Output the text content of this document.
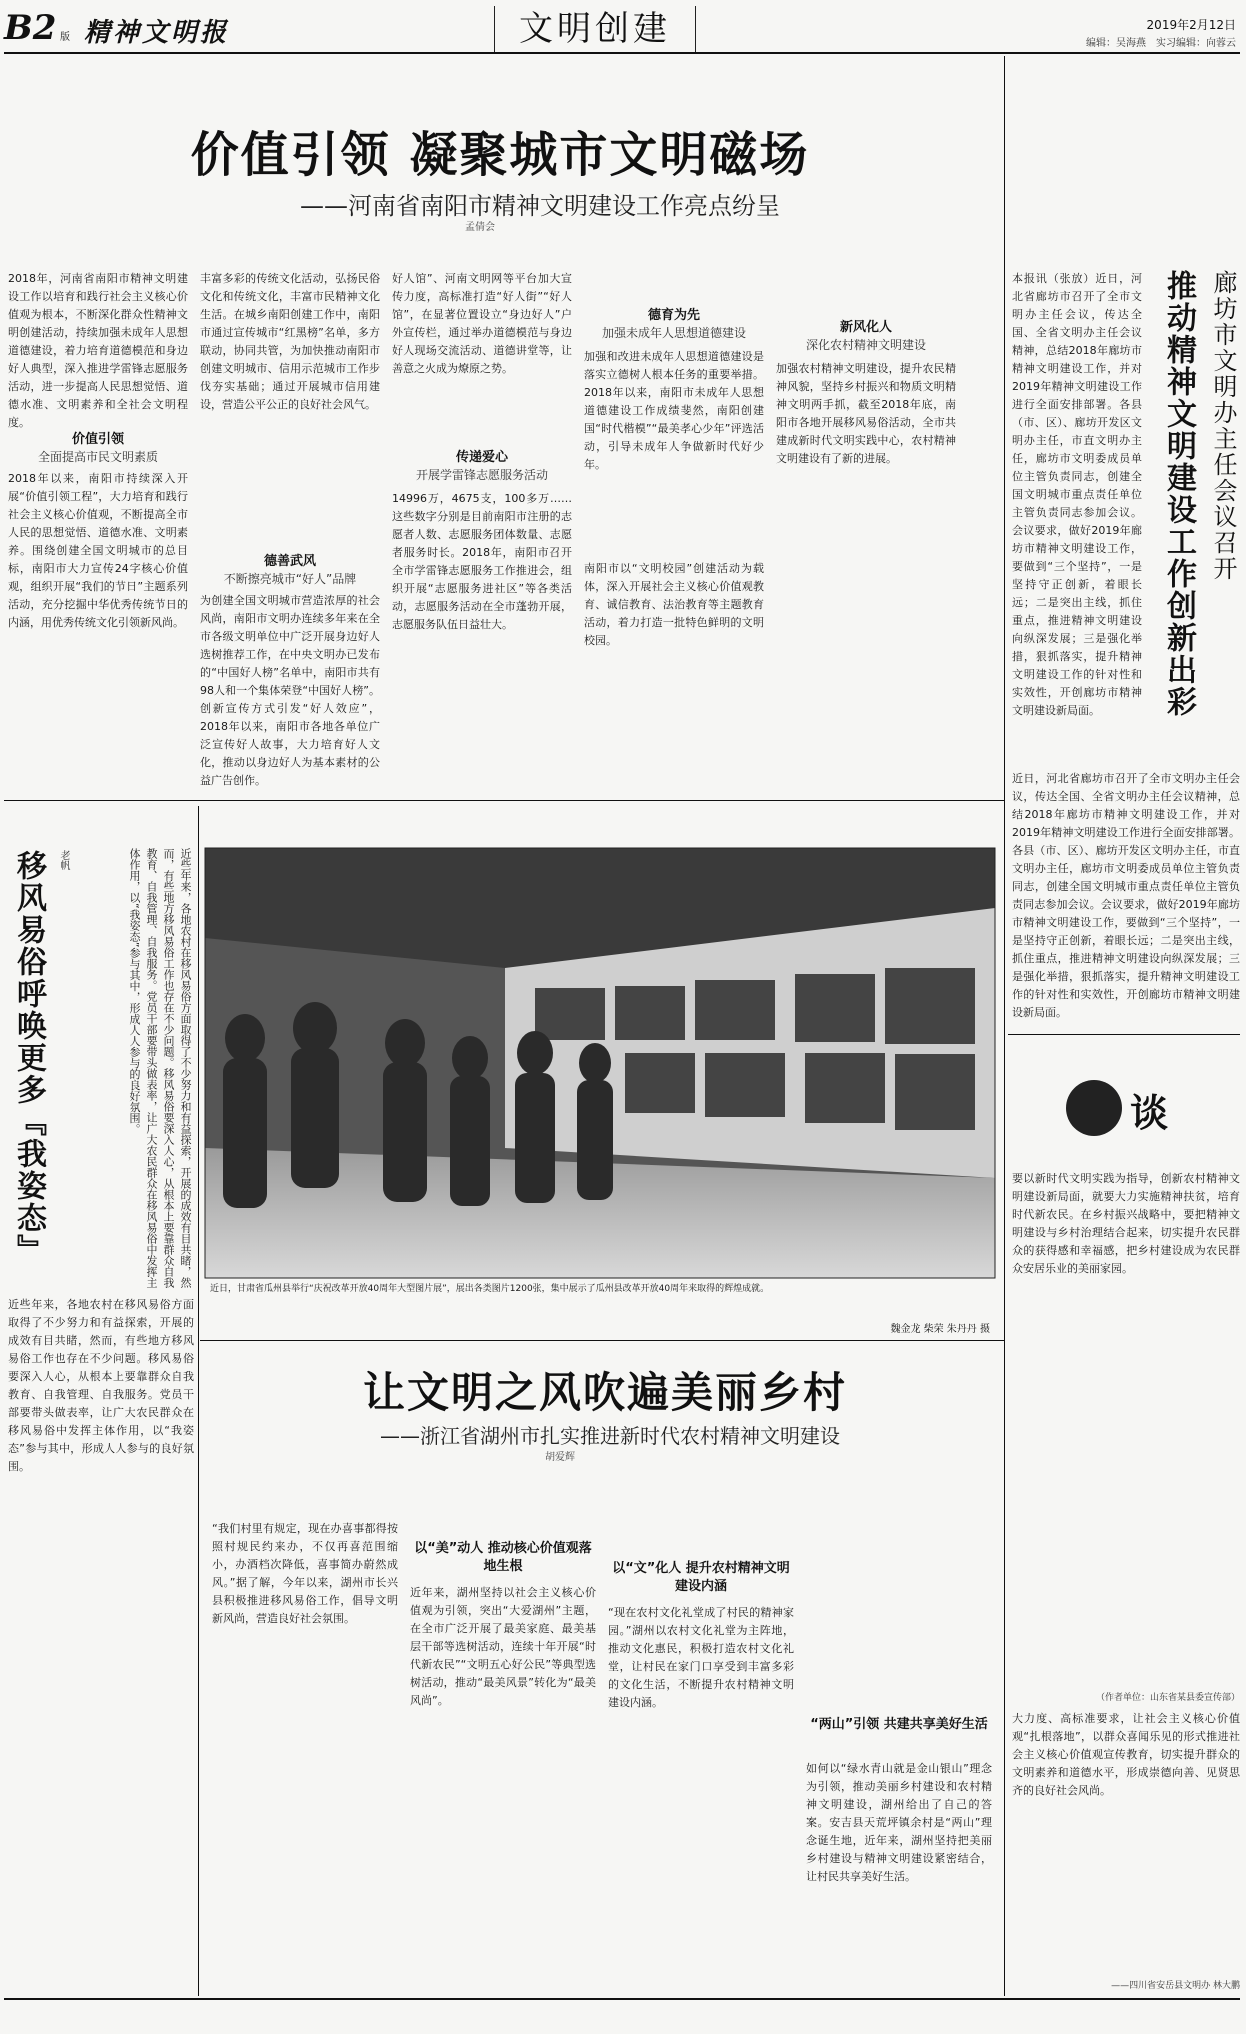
B2 版 精神文明报	文明创建	2019年2月12日
编辑：吴海燕　实习编辑：向蓉云
价值引领 凝聚城市文明磁场
——河南省南阳市精神文明建设工作亮点纷呈
孟倩会
2018年，河南省南阳市精神文明建设工作以培育和践行社会主义核心价值观为根本，不断深化群众性精神文明创建活动，持续加强未成年人思想道德建设，着力培育道德模范和身边好人典型，深入推进学雷锋志愿服务活动，进一步提高人民思想觉悟、道德水准、文明素养和全社会文明程度。
价值引领
全面提高市民文明素质
2018年以来，南阳市持续深入开展“价值引领工程”，大力培育和践行社会主义核心价值观，不断提高全市人民的思想觉悟、道德水准、文明素养。围绕创建全国文明城市的总目标，南阳市大力宣传24字核心价值观，组织开展“我们的节日”主题系列活动，充分挖掘中华优秀传统节日的内涵，用优秀传统文化引领新风尚。
丰富多彩的传统文化活动，弘扬民俗文化和传统文化，丰富市民精神文化生活。在城乡南阳创建工作中，南阳市通过宣传城市“红黑榜”名单，多方联动，协同共管，为加快推动南阳市创建文明城市、信用示范城市工作步伐夯实基础；通过开展城市信用建设，营造公平公正的良好社会风气。
德善武风
不断擦亮城市“好人”品牌
为创建全国文明城市营造浓厚的社会风尚，南阳市文明办连续多年来在全市各级文明单位中广泛开展身边好人选树推荐工作，在中央文明办已发布的“中国好人榜”名单中，南阳市共有98人和一个集体荣登“中国好人榜”。创新宣传方式引发“好人效应”，2018年以来，南阳市各地各单位广泛宣传好人故事，大力培育好人文化，推动以身边好人为基本素材的公益广告创作。
好人馆”、河南文明网等平台加大宣传力度，高标准打造“好人街”“好人馆”，在显著位置设立“身边好人”户外宣传栏，通过举办道德模范与身边好人现场交流活动、道德讲堂等，让善意之火成为燎原之势。
传递爱心
开展学雷锋志愿服务活动
14996万，4675支，100多万……这些数字分别是目前南阳市注册的志愿者人数、志愿服务团体数量、志愿者服务时长。2018年，南阳市召开全市学雷锋志愿服务工作推进会，组织开展“志愿服务进社区”等各类活动，志愿服务活动在全市蓬勃开展，志愿服务队伍日益壮大。
德育为先
加强未成年人思想道德建设
加强和改进未成年人思想道德建设是落实立德树人根本任务的重要举措。2018年以来，南阳市未成年人思想道德建设工作成绩斐然，南阳创建国“时代楷模”“最美孝心少年”评选活动，引导未成年人争做新时代好少年。
南阳市以“文明校园”创建活动为载体，深入开展社会主义核心价值观教育、诚信教育、法治教育等主题教育活动，着力打造一批特色鲜明的文明校园。
新风化人
深化农村精神文明建设
加强农村精神文明建设，提升农民精神风貌，坚持乡村振兴和物质文明精神文明两手抓，截至2018年底，南阳市各地开展移风易俗活动，全市共建成新时代文明实践中心，农村精神文明建设有了新的进展。
本报讯（张放）近日，河北省廊坊市召开了全市文明办主任会议，传达全国、全省文明办主任会议精神，总结2018年廊坊市精神文明建设工作，并对2019年精神文明建设工作进行全面安排部署。各县（市、区）、廊坊开发区文明办主任，市直文明办主任，廊坊市文明委成员单位主管负责同志，创建全国文明城市重点责任单位主管负责同志参加会议。会议要求，做好2019年廊坊市精神文明建设工作，要做到“三个坚持”，一是坚持守正创新，着眼长远；二是突出主线，抓住重点，推进精神文明建设向纵深发展；三是强化举措，狠抓落实，提升精神文明建设工作的针对性和实效性，开创廊坊市精神文明建设新局面。
廊坊市文明办主任会议召开
推动精神文明建设工作创新出彩
近日，河北省廊坊市召开了全市文明办主任会议，传达全国、全省文明办主任会议精神，总结2018年廊坊市精神文明建设工作，并对2019年精神文明建设工作进行全面安排部署。各县（市、区）、廊坊开发区文明办主任，市直文明办主任，廊坊市文明委成员单位主管负责同志，创建全国文明城市重点责任单位主管负责同志参加会议。会议要求，做好2019年廊坊市精神文明建设工作，要做到“三个坚持”，一是坚持守正创新，着眼长远；二是突出主线，抓住重点，推进精神文明建设向纵深发展；三是强化举措，狠抓落实，提升精神文明建设工作的针对性和实效性，开创廊坊市精神文明建设新局面。
移风易俗呼唤更多『我姿态』	老帆	近些年来，各地农村在移风易俗方面取得了不少努力和有益探索，开展的成效有目共睹，然而，有些地方移风易俗工作也存在不少问题。移风易俗要深入人心，从根本上要靠群众自我教育、自我管理、自我服务。党员干部要带头做表率，让广大农民群众在移风易俗中发挥主体作用，以“我姿态”参与其中，形成人人参与的良好氛围。
近些年来，各地农村在移风易俗方面取得了不少努力和有益探索，开展的成效有目共睹，然而，有些地方移风易俗工作也存在不少问题。移风易俗要深入人心，从根本上要靠群众自我教育、自我管理、自我服务。党员干部要带头做表率，让广大农民群众在移风易俗中发挥主体作用，以“我姿态”参与其中，形成人人参与的良好氛围。
近日，甘肃省瓜州县举行“庆祝改革开放40周年大型图片展”，展出各类图片1200张，集中展示了瓜州县改革开放40周年来取得的辉煌成就。
魏金龙 柴荣 朱丹丹 摄
让文明之风吹遍美丽乡村
——浙江省湖州市扎实推进新时代农村精神文明建设
胡爱辉
“我们村里有规定，现在办喜事都得按照村规民约来办，不仅再喜范围缩小，办酒档次降低，喜事简办蔚然成风。”据了解，今年以来，湖州市长兴县积极推进移风易俗工作，倡导文明新风尚，营造良好社会氛围。
以“美”动人 推动核心价值观落地生根
近年来，湖州坚持以社会主义核心价值观为引领，突出“大爱湖州”主题，在全市广泛开展了最美家庭、最美基层干部等选树活动，连续十年开展“时代新农民”“文明五心好公民”等典型选树活动，推动“最美风景”转化为“最美风尚”。
以“文”化人 提升农村精神文明建设内涵
“现在农村文化礼堂成了村民的精神家园。”湖州以农村文化礼堂为主阵地，推动文化惠民，积极打造农村文化礼堂，让村民在家门口享受到丰富多彩的文化生活，不断提升农村精神文明建设内涵。
“两山”引领 共建共享美好生活
如何以“绿水青山就是金山银山”理念为引领，推动美丽乡村建设和农村精神文明建设，湖州给出了自己的答案。安吉县天荒坪镇余村是“两山”理念诞生地，近年来，湖州坚持把美丽乡村建设与精神文明建设紧密结合，让村民共享美好生活。
谈
要以新时代文明实践为指导，创新农村精神文明建设新局面，就要大力实施精神扶贫，培育时代新农民。在乡村振兴战略中，要把精神文明建设与乡村治理结合起来，切实提升农民群众的获得感和幸福感，把乡村建设成为农民群众安居乐业的美丽家园。
（作者单位：山东省某县委宣传部）
大力度、高标准要求，让社会主义核心价值观“扎根落地”，以群众喜闻乐见的形式推进社会主义核心价值观宣传教育，切实提升群众的文明素养和道德水平，形成崇德向善、见贤思齐的良好社会风尚。
——四川省安岳县文明办 林大鹏
